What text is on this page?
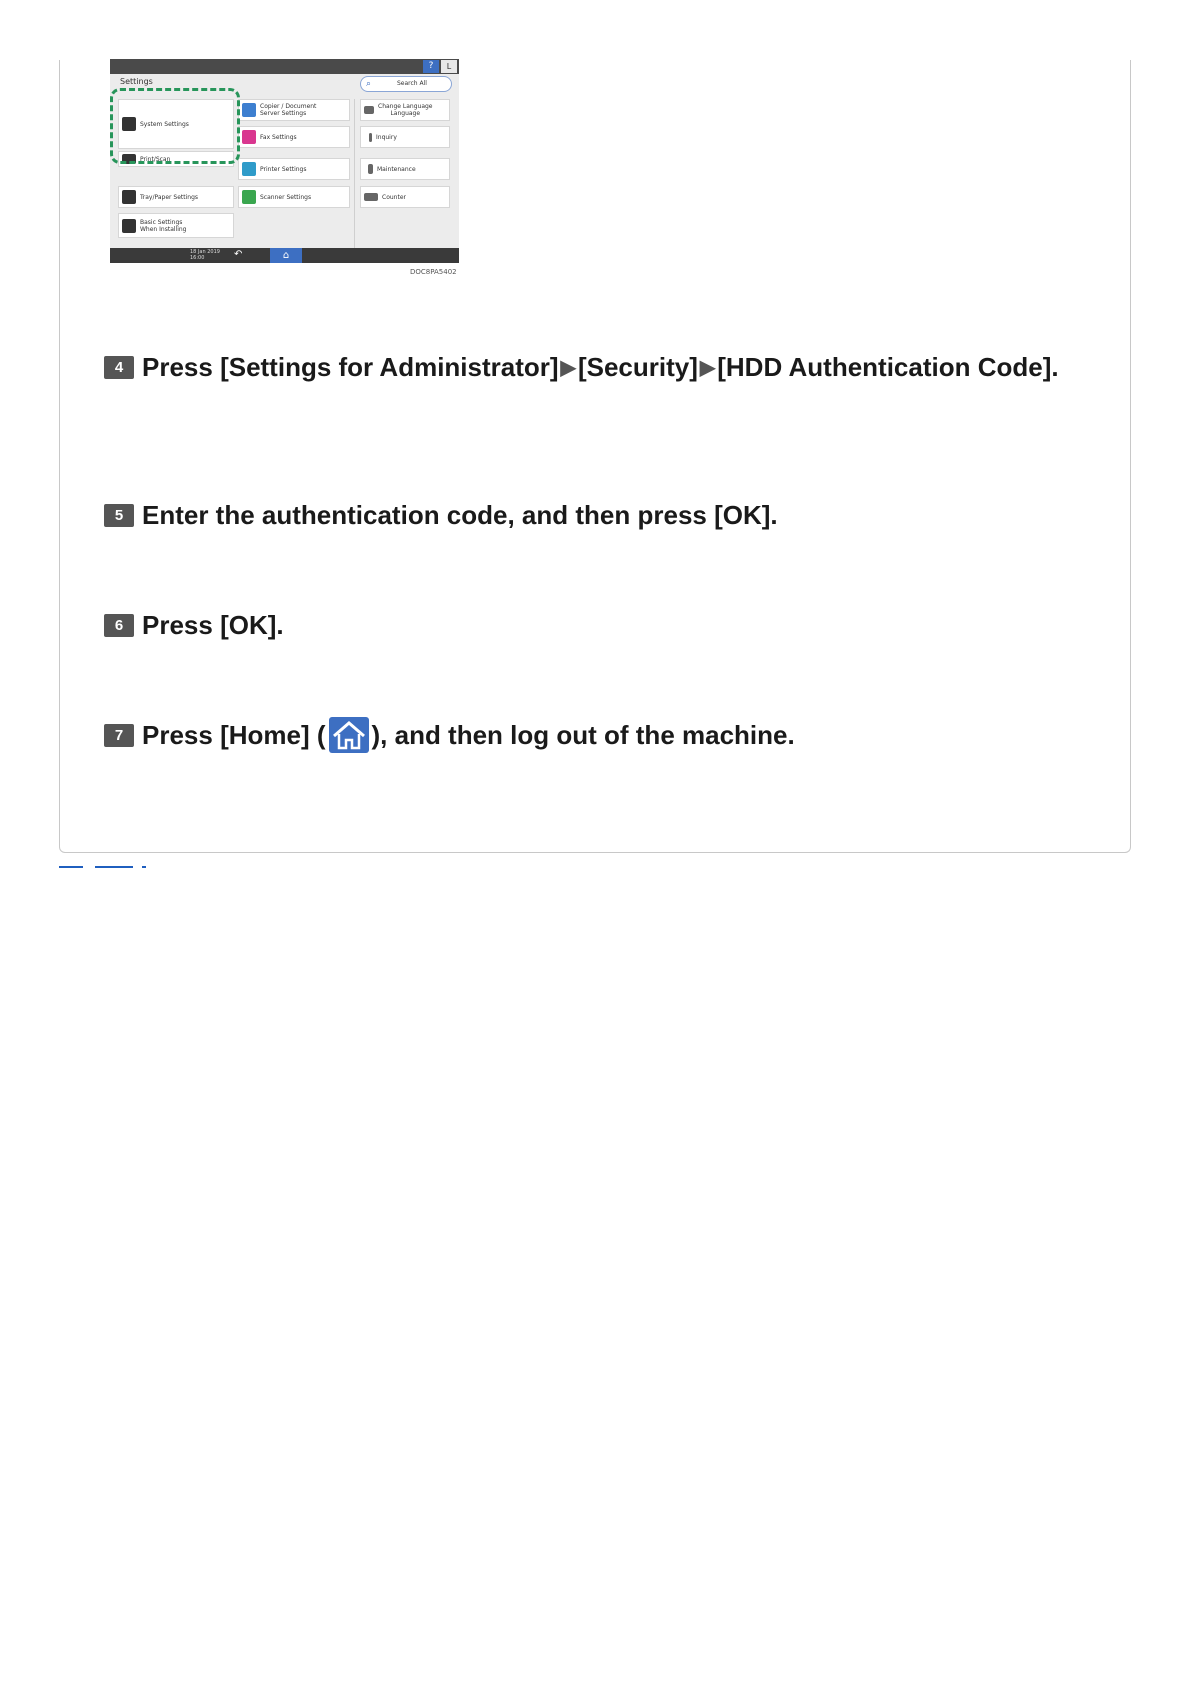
?	L
Settings	⌕	Search All
System Settings
Print/Scan
Tray/Paper Settings
Basic Settings
When Installing
Copier / Document
Server Settings
Fax Settings
Printer Settings
Scanner Settings
Change Language
Language
Inquiry
Maintenance
Counter
18 Jan 2019
16:00	↶	⌂
DOC8PA5402
4 Press [Settings for Administrator] ▶[Security] ▶[HDD Authentication Code].
5 Enter the authentication code, and then press [OK].
6 Press [OK].
7 Press [Home] ( ), and then log out of the machine.
